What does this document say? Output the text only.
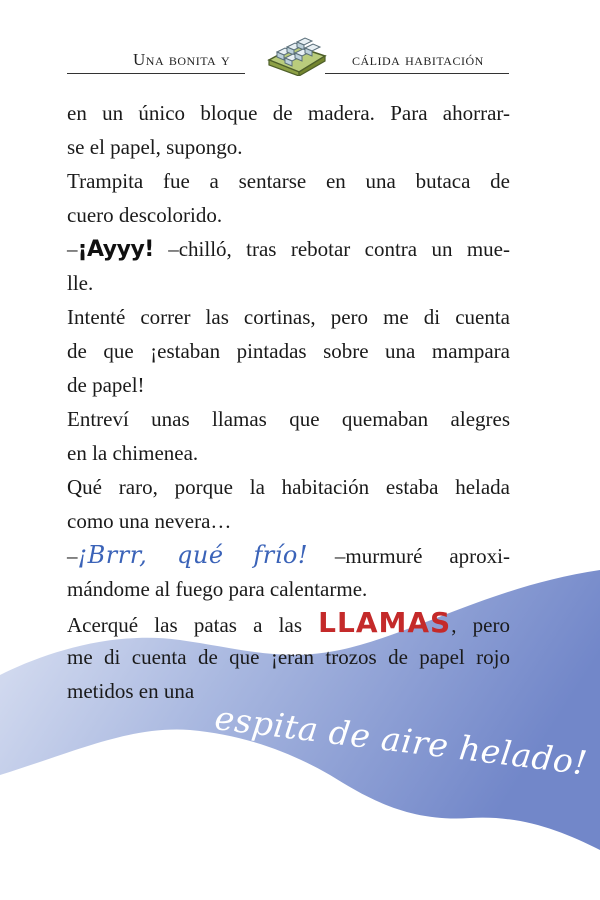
Una bonita y	cálida habitación
en un único bloque de madera. Para ahorrar-
se el papel, supongo.
Trampita fue a sentarse en una butaca de
cuero descolorido.
–¡Ayyy! –chilló, tras rebotar contra un mue-
lle.
Intenté correr las cortinas, pero me di cuenta
de que ¡estaban pintadas sobre una mampara
de papel!
Entreví unas llamas que quemaban alegres
en la chimenea.
Qué raro, porque la habitación estaba helada
como una nevera…
–¡Brrr, qué frío! –murmuré aproxi-
mándome al fuego para calentarme.
Acerqué las patas a las LLAMAS, pero
me di cuenta de que ¡eran trozos de papel rojo
metidos en una
espita de aire helado!
